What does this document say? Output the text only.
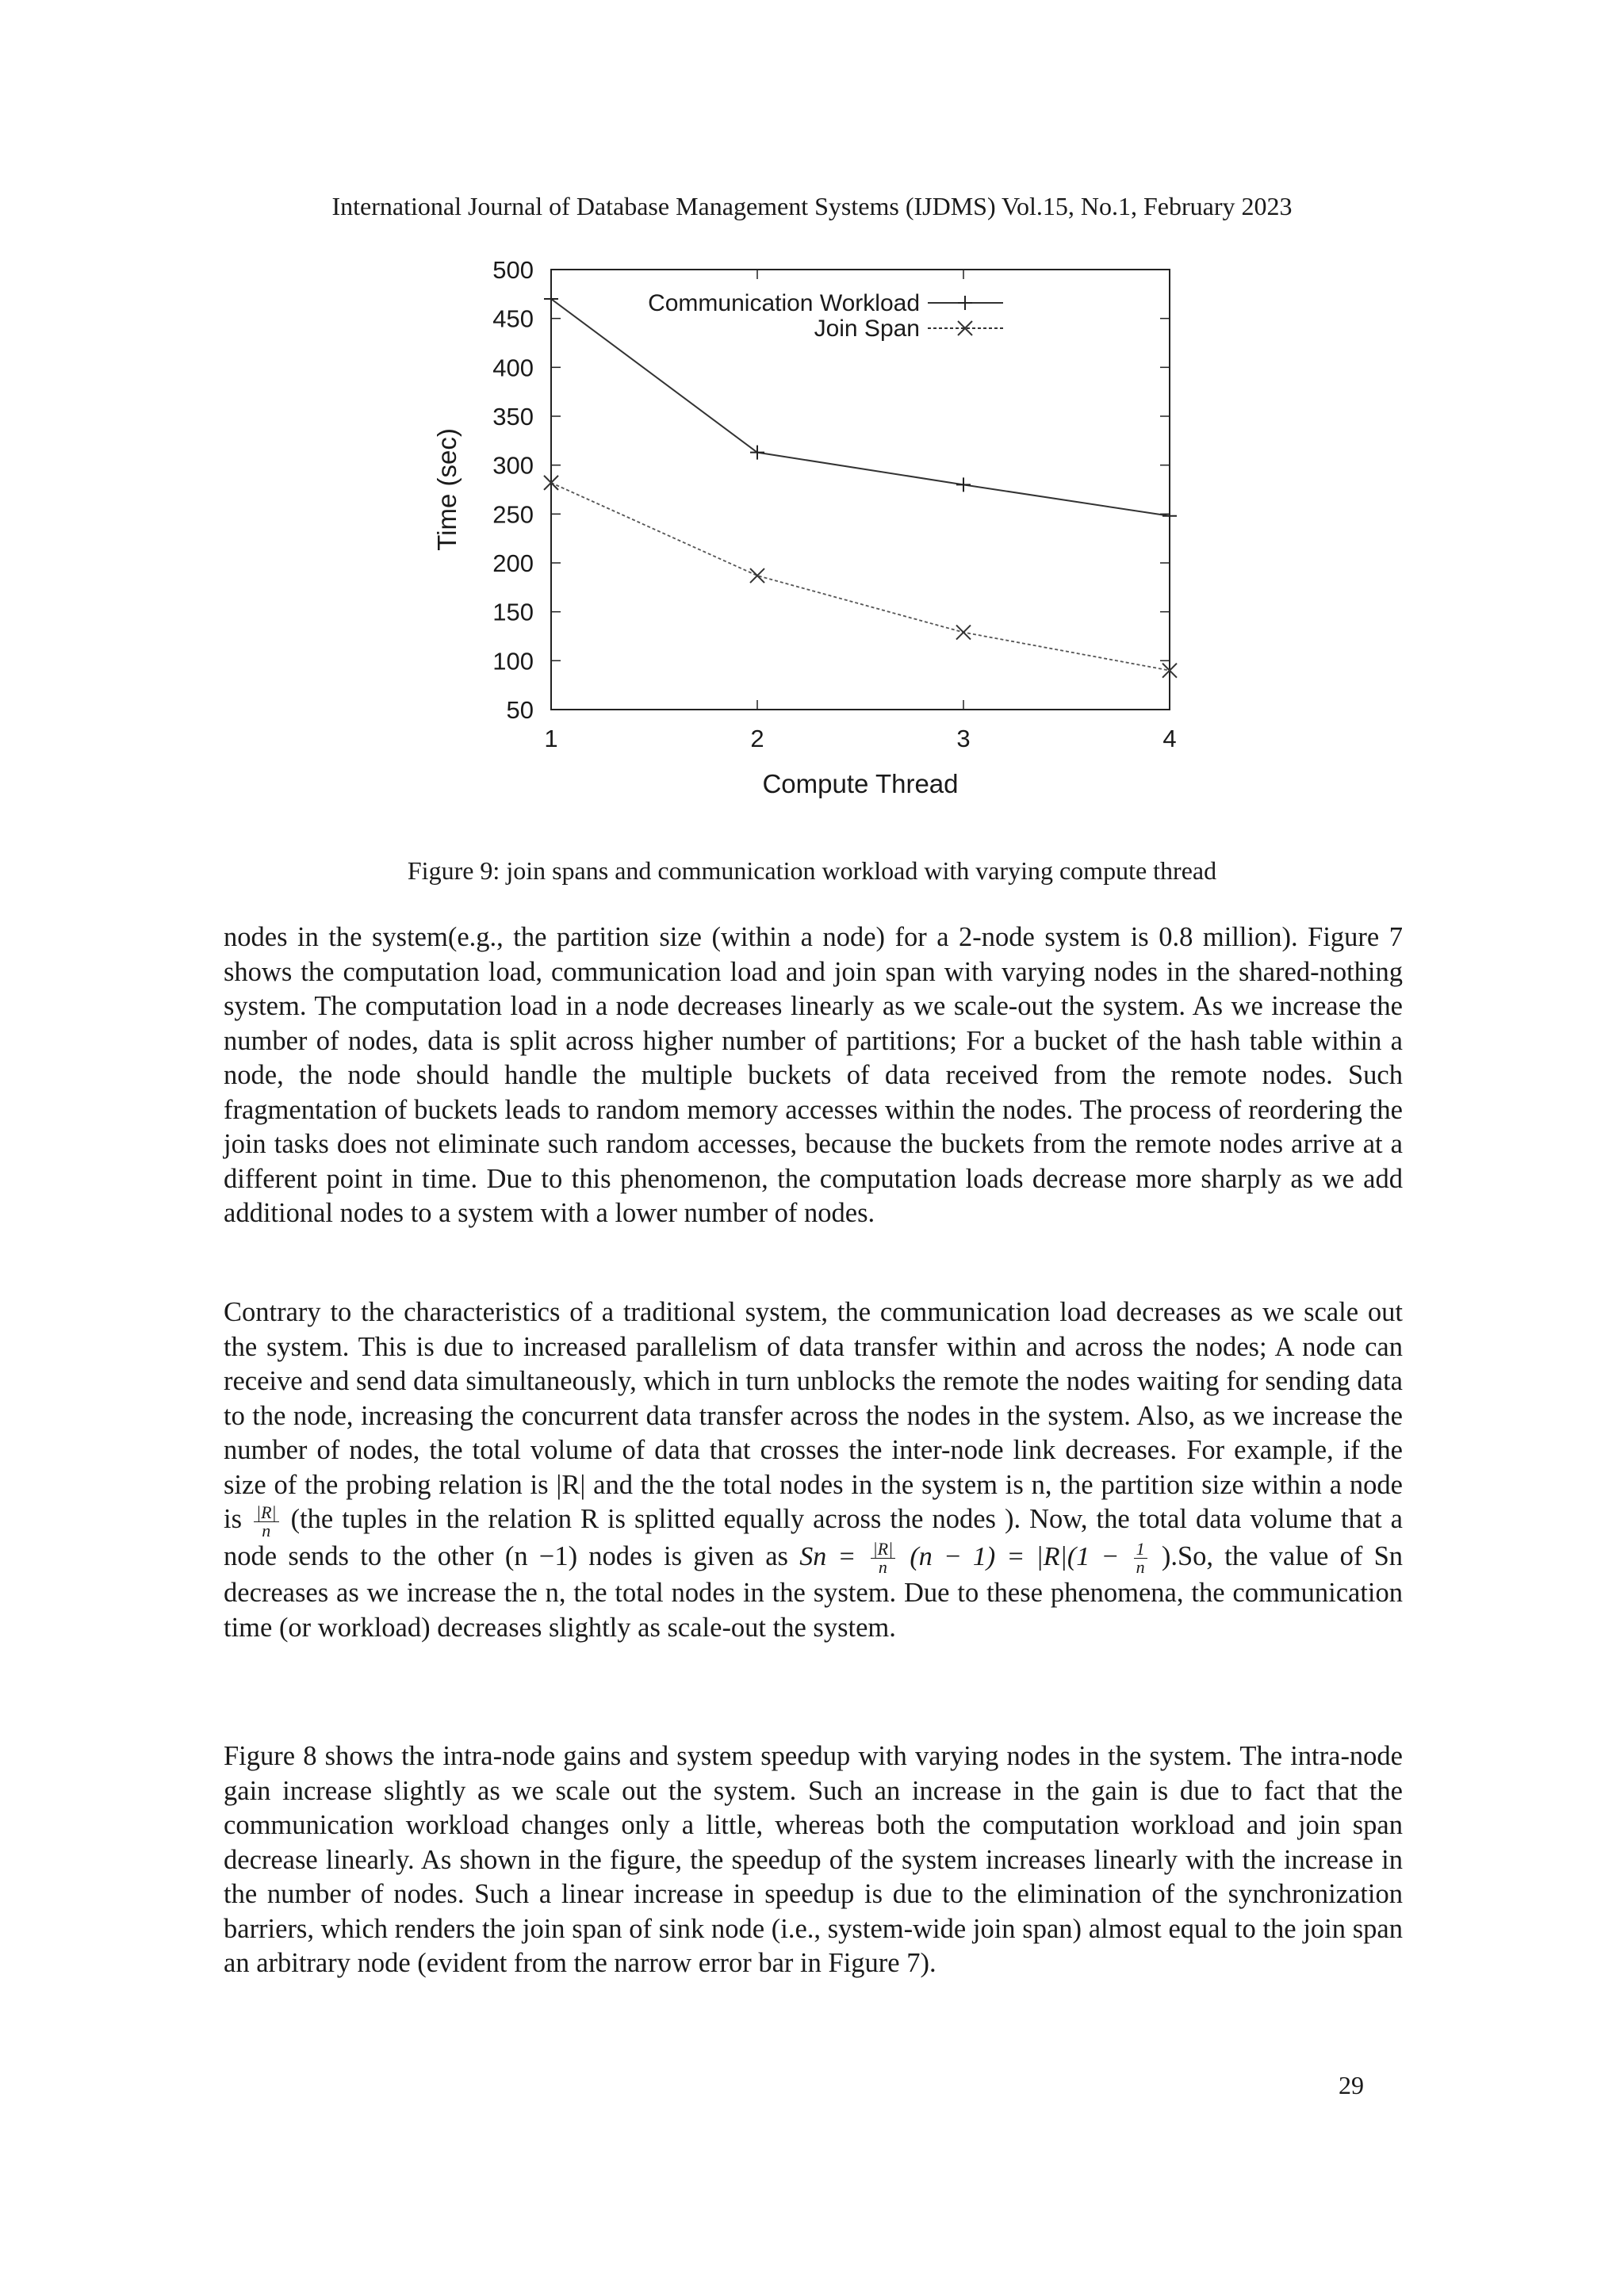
International Journal of Database Management Systems (IJDMS) Vol.15, No.1, February 2023
50
100
150
200
250
300
350
400
450
500
1	2	3	4
Compute Thread
Time (sec)
Communication Workload
Join Span
Figure 9: join spans and communication workload with varying compute thread
nodes in the system(e.g., the partition size (within a node) for a 2-node system is 0.8 million). Figure 7 shows the computation load, communication load and join span with varying nodes in the shared-nothing system. The computation load in a node decreases linearly as we scale-out the system. As we increase the number of nodes, data is split across higher number of partitions; For a bucket of the hash table within a node, the node should handle the multiple buckets of data received from the remote nodes. Such fragmentation of buckets leads to random memory accesses within the nodes. The process of reordering the join tasks does not eliminate such random accesses, because the buckets from the remote nodes arrive at a different point in time. Due to this phenomenon, the computation loads decrease more sharply as we add additional nodes to a system with a lower number of nodes.
Contrary to the characteristics of a traditional system, the communication load decreases as we scale out the system. This is due to increased parallelism of data transfer within and across the nodes; A node can receive and send data simultaneously, which in turn unblocks the remote the nodes waiting for sending data to the node, increasing the concurrent data transfer across the nodes in the system. Also, as we increase the number of nodes, the total volume of data that crosses the inter-node link decreases. For example, if the size of the probing relation is |R| and the the total nodes in the system is n, the partition size within a node is $\frac{|R|}{n} (the$ tuples in the relation R is splitted equally across the nodes ). Now, the total data volume that a node sends to the other (n −1) nodes is given as $Sn = \frac{|R|}{n} (n - 1) = |R|(1 - \frac{1}{n} ).So$, the value of Sn decreases as we increase the n, the total nodes in the system. Due to these phenomena, the communication time (or workload) decreases slightly as scale-out the system.
Figure 8 shows the intra-node gains and system speedup with varying nodes in the system. The intra-node gain increase slightly as we scale out the system. Such an increase in the gain is due to fact that the communication workload changes only a little, whereas both the computation workload and join span decrease linearly. As shown in the figure, the speedup of the system increases linearly with the increase in the number of nodes. Such a linear increase in speedup is due to the elimination of the synchronization barriers, which renders the join span of sink node (i.e., system-wide join span) almost equal to the join span an arbitrary node (evident from the narrow error bar in Figure 7).
29
